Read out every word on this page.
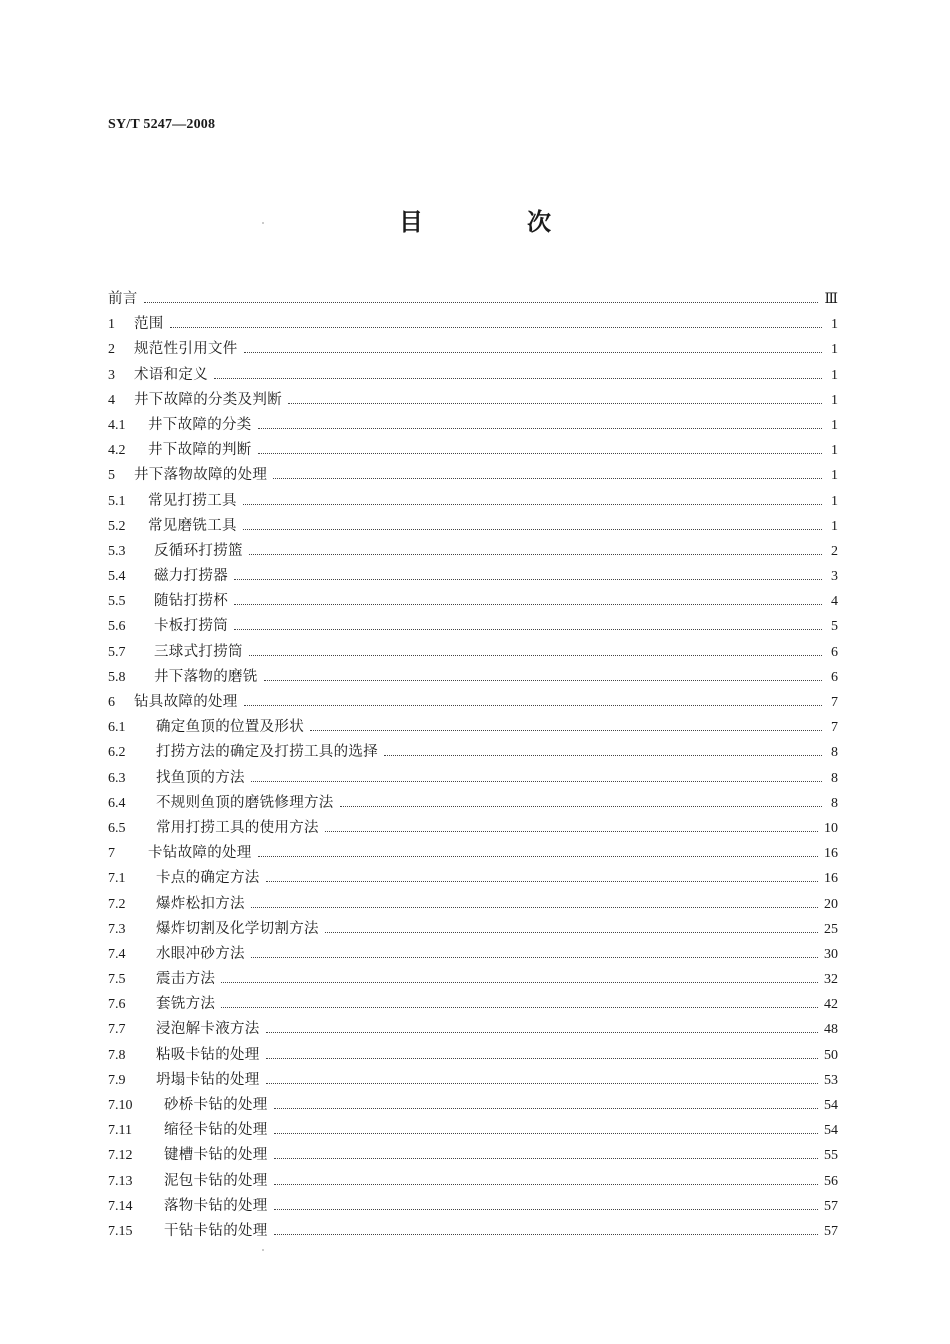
SY/T 5247—2008
目　次
前言	Ⅲ
1	范围	1
2	规范性引用文件	1
3	术语和定义	1
4	井下故障的分类及判断	1
4.1	井下故障的分类	1
4.2	井下故障的判断	1
5	井下落物故障的处理	1
5.1	常见打捞工具	1
5.2	常见磨铣工具	1
5.3	反循环打捞篮	2
5.4	磁力打捞器	3
5.5	随钻打捞杯	4
5.6	卡板打捞筒	5
5.7	三球式打捞筒	6
5.8	井下落物的磨铣	6
6	钻具故障的处理	7
6.1	确定鱼顶的位置及形状	7
6.2	打捞方法的确定及打捞工具的选择	8
6.3	找鱼顶的方法	8
6.4	不规则鱼顶的磨铣修理方法	8
6.5	常用打捞工具的使用方法	10
7	卡钻故障的处理	16
7.1	卡点的确定方法	16
7.2	爆炸松扣方法	20
7.3	爆炸切割及化学切割方法	25
7.4	水眼冲砂方法	30
7.5	震击方法	32
7.6	套铣方法	42
7.7	浸泡解卡液方法	48
7.8	粘吸卡钻的处理	50
7.9	坍塌卡钻的处理	53
7.10	砂桥卡钻的处理	54
7.11	缩径卡钻的处理	54
7.12	键槽卡钻的处理	55
7.13	泥包卡钻的处理	56
7.14	落物卡钻的处理	57
7.15	干钻卡钻的处理	57
